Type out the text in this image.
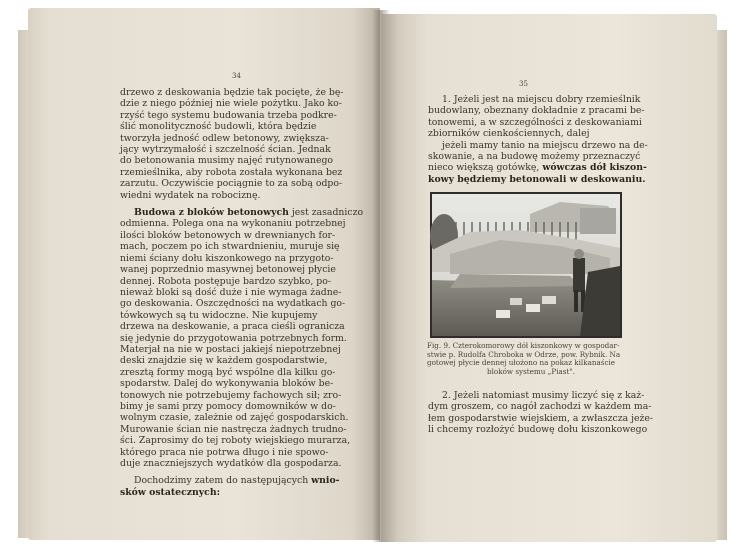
34

drzewo z deskowania będzie tak pocięte, że bę-

dzie z niego później nie wiele pożytku. Jako ko-

rzyść tego systemu budowania trzeba podkre-

ślić monolityczność budowli, która będzie

tworzyła jedność odlew betonowy, zwiększa-

jący wytrzymałość i szczelność ścian. Jednak

do betonowania musimy najęć rutynowanego

rzemieślnika, aby robota została wykonana bez

zarzutu. Oczywiście pociągnie to za sobą odpo-

wiedni wydatek na robociznę.

Budowa z bloków betonowych jest zasadniczo

odmienna. Polega ona na wykonaniu potrzebnej

ilości bloków betonowych w drewnianych for-

mach, poczem po ich stwardnieniu, muruje się

niemi ściany dołu kiszonkowego na przygoto-

wanej poprzednio masywnej betonowej płycie

dennej. Robota postępuje bardzo szybko, po-

nieważ bloki są dość duże i nie wymaga żadne-

go deskowania. Oszczędności na wydatkach go-

tówkowych są tu widoczne. Nie kupujemy

drzewa na deskowanie, a praca cieśli ogranicza

się jedynie do przygotowania potrzebnych form.

Materjał na nie w postaci jakiejś niepotrzebnej

deski znajdzie się w każdem gospodarstwie,

zresztą formy mogą być wspólne dla kilku go-

spodarstw. Dalej do wykonywania bloków be-

tonowych nie potrzebujemy fachowych sił; zro-

bimy je sami przy pomocy domowników w do-

wolnym czasie, zależnie od zajęć gospodarskich.

Murowanie ścian nie nastręcza żadnych trudno-

ści. Zaprosimy do tej roboty wiejskiego murarza,

którego praca nie potrwa długo i nie spowo-

duje znaczniejszych wydatków dla gospodarza.

Dochodzimy zatem do następujących wnio-

sków ostatecznych:

35

1. Jeżeli jest na miejscu dobry rzemieślnik

budowlany, obeznany dokładnie z pracami be-

tonowemi, a w szczególności z deskowaniami

zbiorników cienkościennych, dalej

jeżeli mamy tanio na miejscu drzewo na de-

skowanie, a na budowę możemy przeznaczyć

nieco większą gotówkę, wówczas dół kiszon-

kowy będziemy betonowali w deskowaniu.

Fig. 9. Czterokomorowy dół kiszonkowy w gospodar-

stwie p. Rudolfa Chroboka w Odrze, pow. Rybnik. Na

gotowej płycie dennej ułożono na pokaz kilkanaście

bloków systemu „Piast".

2. Jeżeli natomiast musimy liczyć się z każ-

dym groszem, co nagół zachodzi w każdem ma-

łem gospodarstwie wiejskiem, a zwłaszcza jeże-

li chcemy rozłożyć budowę dołu kiszonkowego
